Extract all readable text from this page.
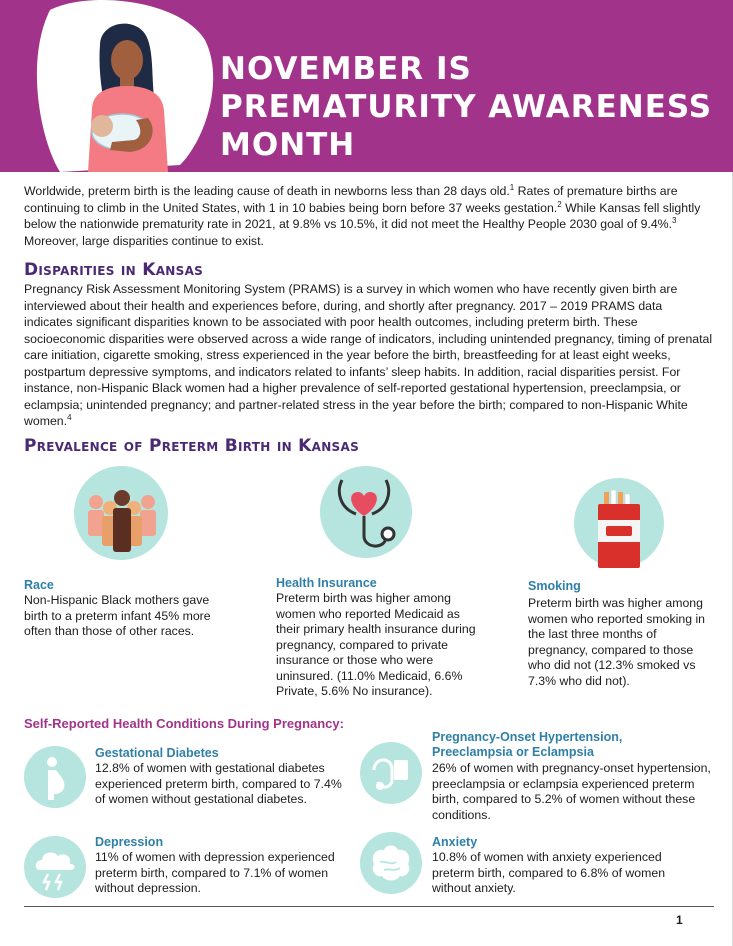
NOVEMBER IS PREMATURITY AWARENESS MONTH

Worldwide, preterm birth is the leading cause of death in newborns less than 28 days old.$^1$ Rates of premature births are continuing to climb in the United States, with 1 in 10 babies being born before 37 weeks gestation.$^2$ While Kansas fell slightly below the nationwide prematurity rate in 2021, at 9.8% vs 10.5%, it did not meet the Healthy People 2030 goal of 9.4%.$^3$ Moreover, large disparities continue to exist.

Disparities in Kansas

Pregnancy Risk Assessment Monitoring System (PRAMS) is a survey in which women who have recently given birth are interviewed about their health and experiences before, during, and shortly after pregnancy. 2017 – 2019 PRAMS data indicates significant disparities known to be associated with poor health outcomes, including preterm birth. These socioeconomic disparities were observed across a wide range of indicators, including unintended pregnancy, timing of prenatal care initiation, cigarette smoking, stress experienced in the year before the birth, breastfeeding for at least eight weeks, postpartum depressive symptoms, and indicators related to infants’ sleep habits. In addition, racial disparities persist. For instance, non-Hispanic Black women had a higher prevalence of self-reported gestational hypertension, preeclampsia, or eclampsia; unintended pregnancy; and partner-related stress in the year before the birth; compared to non-Hispanic White women.$^4$

Prevalence of Preterm Birth in Kansas
Race

Non-Hispanic Black mothers gave birth to a preterm infant 45% more often than those of other races.

Health Insurance

Preterm birth was higher among women who reported Medicaid as their primary health insurance during pregnancy, compared to private insurance or those who were uninsured. (11.0% Medicaid, 6.6% Private, 5.6% No insurance).

Smoking

Preterm birth was higher among women who reported smoking in the last three months of pregnancy, compared to those who did not (12.3% smoked vs 7.3% who did not).

Self-Reported Health Conditions During Pregnancy:
Gestational Diabetes

12.8% of women with gestational diabetes experienced preterm birth, compared to 7.4% of women without gestational diabetes.

Pregnancy-Onset Hypertension,
Preeclampsia or Eclampsia

26% of women with pregnancy-onset hypertension, preeclampsia or eclampsia experienced preterm birth, compared to 5.2% of women without these conditions.

Depression

11% of women with depression experienced preterm birth, compared to 7.1% of women without depression.

Anxiety

10.8% of women with anxiety experienced preterm birth, compared to 6.8% of women without anxiety.

1
